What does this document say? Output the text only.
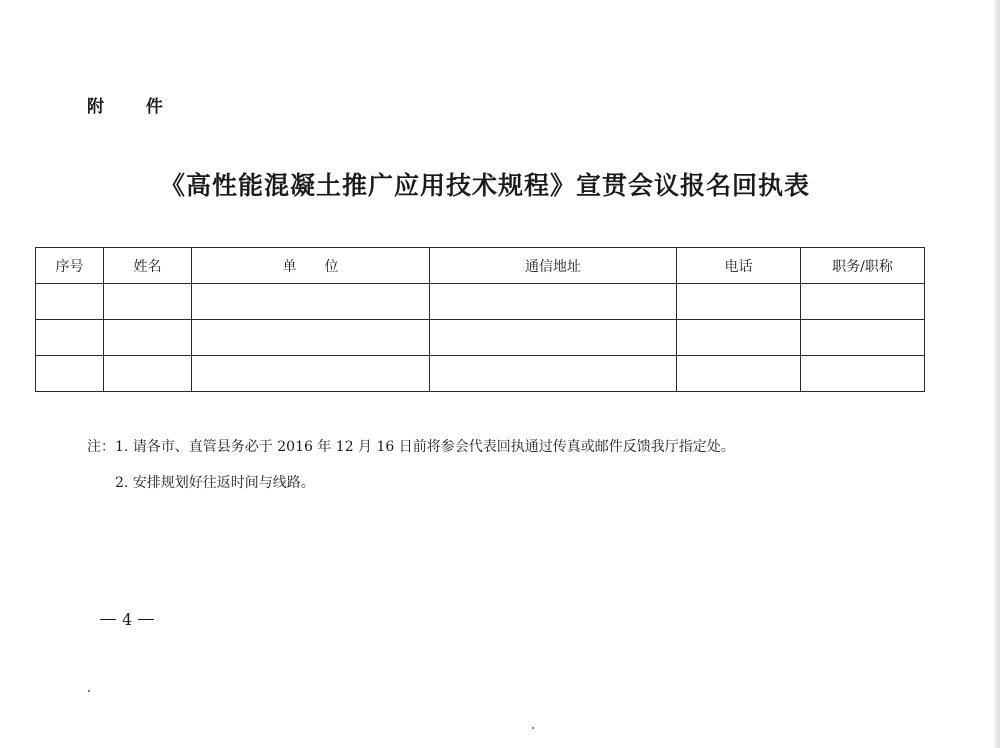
附 件
《高性能混凝土推广应用技术规程》宣贯会议报名回执表
序号	姓名	单　　位	通信地址	电话	职务/职称

注：1. 请各市、直管县务必于 2016 年 12 月 16 日前将参会代表回执通过传真或邮件反馈我厅指定处。
2. 安排规划好往返时间与线路。
4
